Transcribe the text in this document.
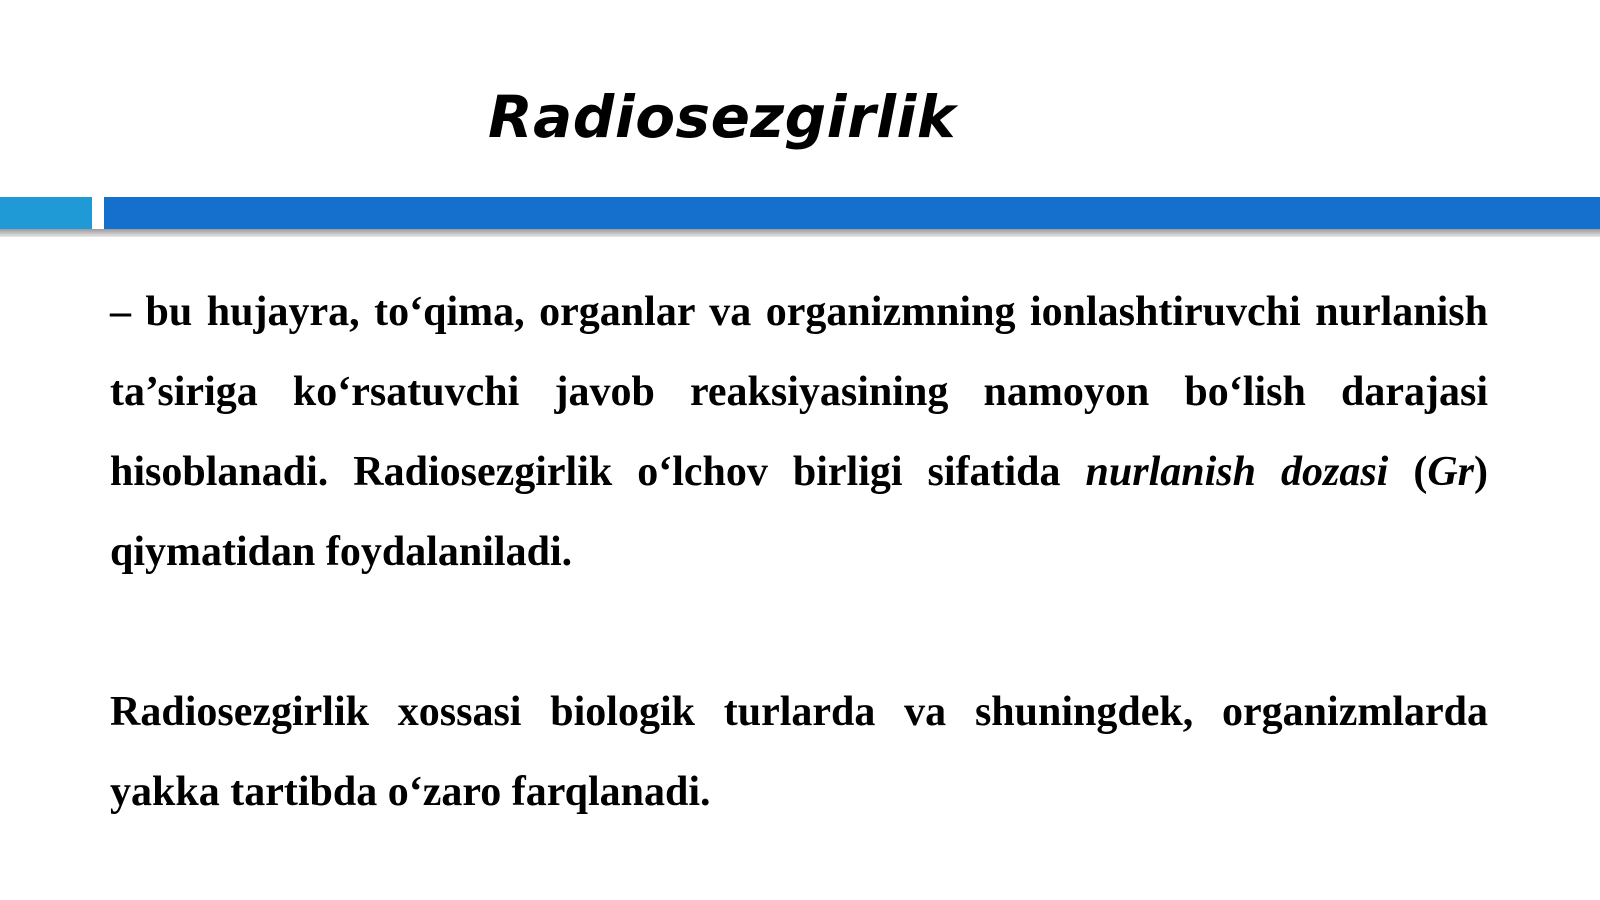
Radiosezgirlik

– bu hujayra, to‘qima, organlar va organizmning ionlashtiruvchi nurlanish ta’siriga ko‘rsatuvchi javob reaksiyasining namoyon bo‘lish darajasi hisoblanadi. Radiosezgirlik o‘lchov birligi sifatida nurlanish dozasi (Gr) qiymatidan foydalaniladi.

Radiosezgirlik xossasi biologik turlarda va shuningdek, organizmlarda yakka tartibda o‘zaro farqlanadi.
